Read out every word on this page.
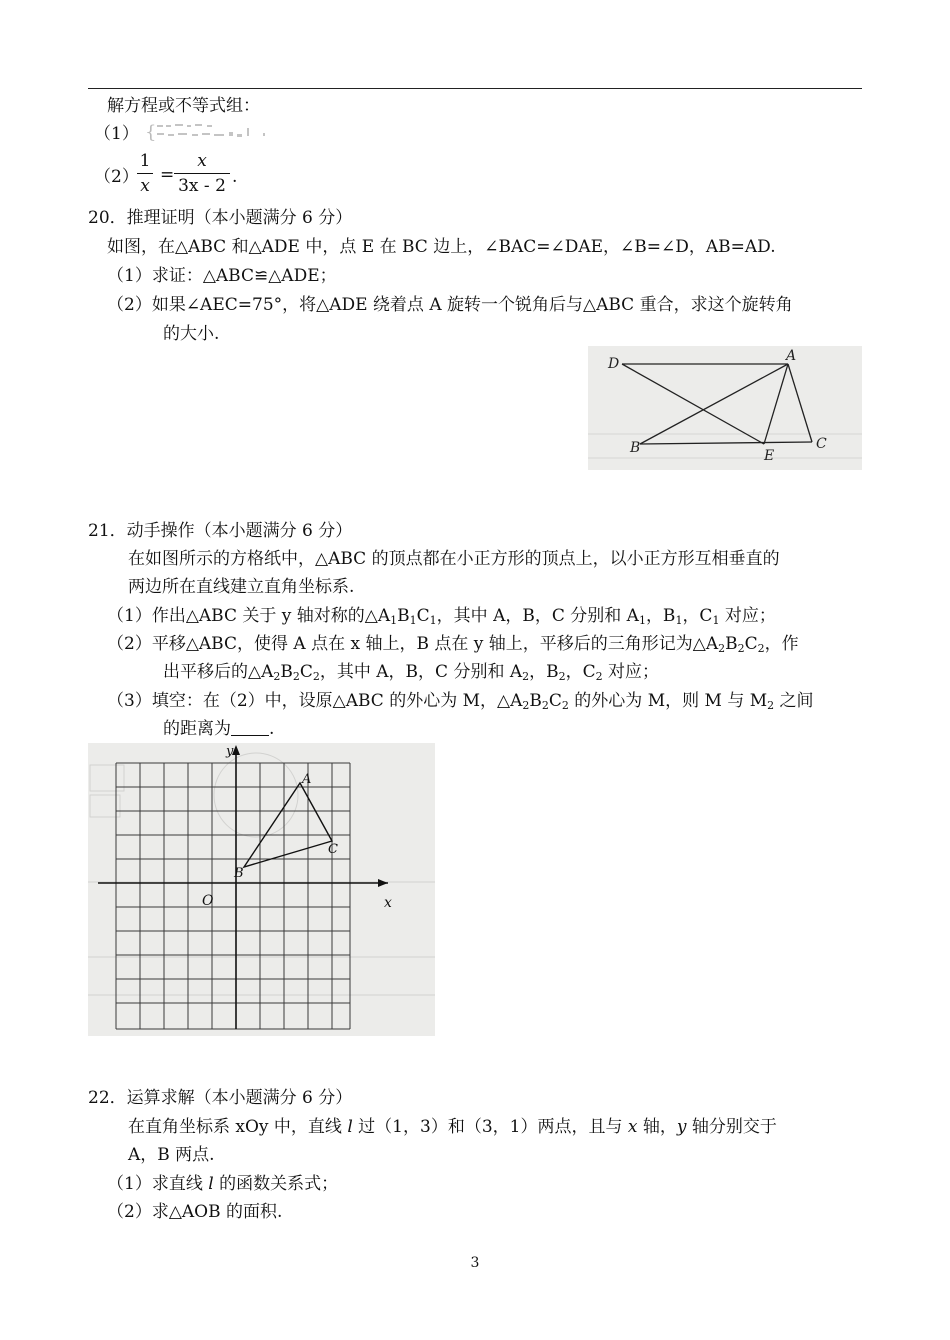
解方程或不等式组：
（1） {
（2）
1
x
=
x
3x - 2 .
20．推理证明（本小题满分 6 分）
如图，在△ABC 和△ADE 中，点 E 在 BC 边上，∠BAC=∠DAE，∠B=∠D，AB=AD.
（1）求证：△ABC≌△ADE；
（2）如果∠AEC=75°，将△ADE 绕着点 A 旋转一个锐角后与△ABC 重合，求这个旋转角
的大小.
D	A
B	E
C
21．动手操作（本小题满分 6 分）
在如图所示的方格纸中，△ABC 的顶点都在小正方形的顶点上，以小正方形互相垂直的
两边所在直线建立直角坐标系.
（1）作出△ABC 关于 y 轴对称的$\triangle A_1B_1C_1$，其中 A，B，C 分别和 $A_1$，$B_1$，$C_1$ 对应；
（2）平移△ABC，使得 A 点在 x 轴上，B 点在 y 轴上，平移后的三角形记为$\triangle A_2B_2C_2$，作
出平移后的$\triangle A_2B_2C_2$，其中 A，B，C 分别和 $A_2$，$B_2$，$C_2$ 对应；
（3）填空：在（2）中，设原△ABC 的外心为 M，$\triangle A_2B_2C_2$ 的外心为 M，则 M 与 $M_2$ 之间
的距离为 .
y
x
O
A
B
C
22．运算求解（本小题满分 6 分）
在直角坐标系 xOy 中，直线 l 过（1，3）和（3，1）两点，且与 x 轴，y 轴分别交于
A，B 两点.
（1）求直线 l 的函数关系式；
（2）求△AOB 的面积.
3
